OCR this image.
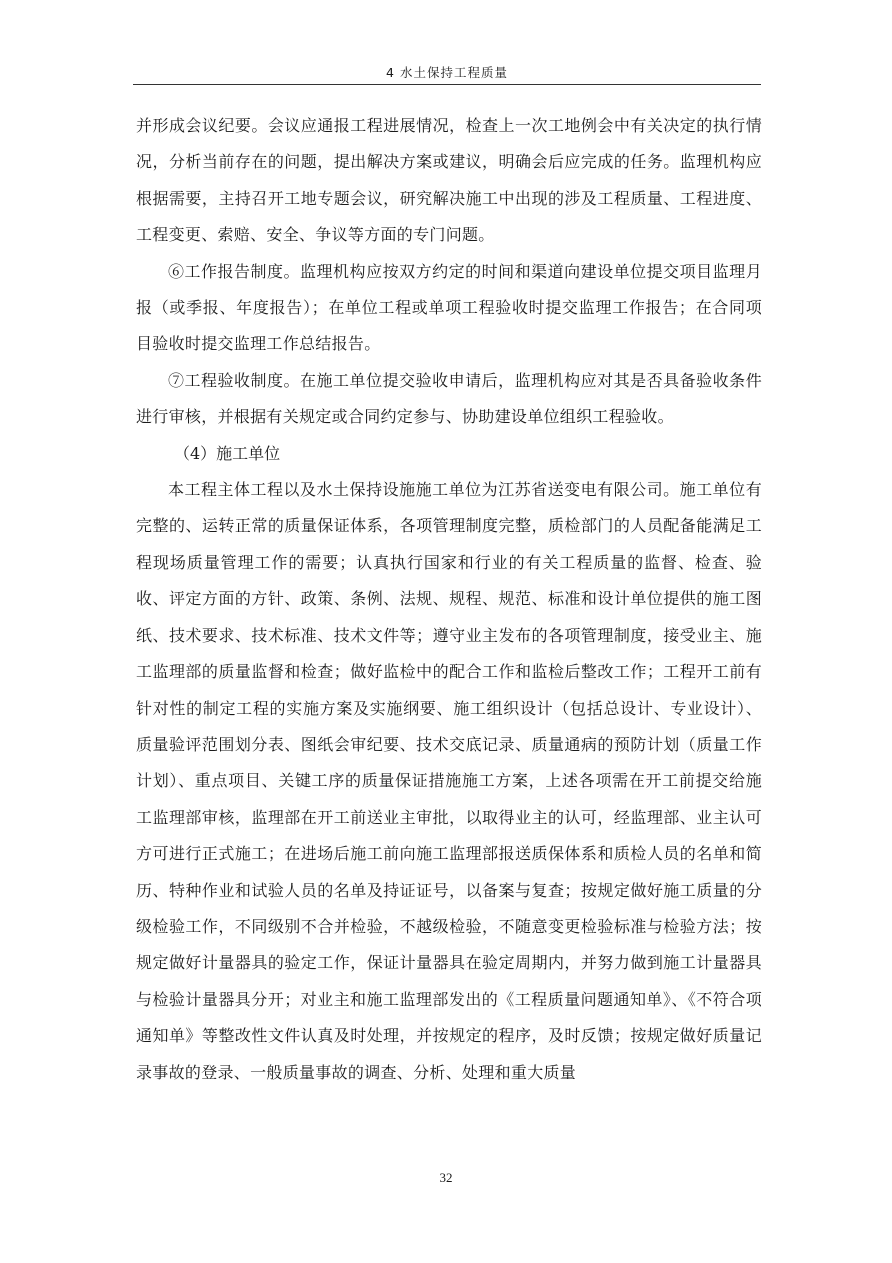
4 水土保持工程质量

并形成会议纪要。会议应通报工程进展情况，检查上一次工地例会中有关决定的执行情况，分析当前存在的问题，提出解决方案或建议，明确会后应完成的任务。监理机构应根据需要，主持召开工地专题会议，研究解决施工中出现的涉及工程质量、工程进度、工程变更、索赔、安全、争议等方面的专门问题。

⑥工作报告制度。监理机构应按双方约定的时间和渠道向建设单位提交项目监理月报（或季报、年度报告）；在单位工程或单项工程验收时提交监理工作报告；在合同项目验收时提交监理工作总结报告。

⑦工程验收制度。在施工单位提交验收申请后，监理机构应对其是否具备验收条件进行审核，并根据有关规定或合同约定参与、协助建设单位组织工程验收。

（4）施工单位

本工程主体工程以及水土保持设施施工单位为江苏省送变电有限公司。施工单位有完整的、运转正常的质量保证体系，各项管理制度完整，质检部门的人员配备能满足工程现场质量管理工作的需要；认真执行国家和行业的有关工程质量的监督、检查、验收、评定方面的方针、政策、条例、法规、规程、规范、标准和设计单位提供的施工图纸、技术要求、技术标准、技术文件等；遵守业主发布的各项管理制度，接受业主、施工监理部的质量监督和检查；做好监检中的配合工作和监检后整改工作；工程开工前有针对性的制定工程的实施方案及实施纲要、施工组织设计（包括总设计、专业设计）、质量验评范围划分表、图纸会审纪要、技术交底记录、质量通病的预防计划（质量工作计划）、重点项目、关键工序的质量保证措施施工方案，上述各项需在开工前提交给施工监理部审核，监理部在开工前送业主审批，以取得业主的认可，经监理部、业主认可方可进行正式施工；在进场后施工前向施工监理部报送质保体系和质检人员的名单和简历、特种作业和试验人员的名单及持证证号，以备案与复查；按规定做好施工质量的分级检验工作，不同级别不合并检验，不越级检验，不随意变更检验标准与检验方法；按规定做好计量器具的验定工作，保证计量器具在验定周期内，并努力做到施工计量器具与检验计量器具分开；对业主和施工监理部发出的《工程质量问题通知单》、《不符合项通知单》等整改性文件认真及时处理，并按规定的程序，及时反馈；按规定做好质量记录事故的登录、一般质量事故的调查、分析、处理和重大质量

32
